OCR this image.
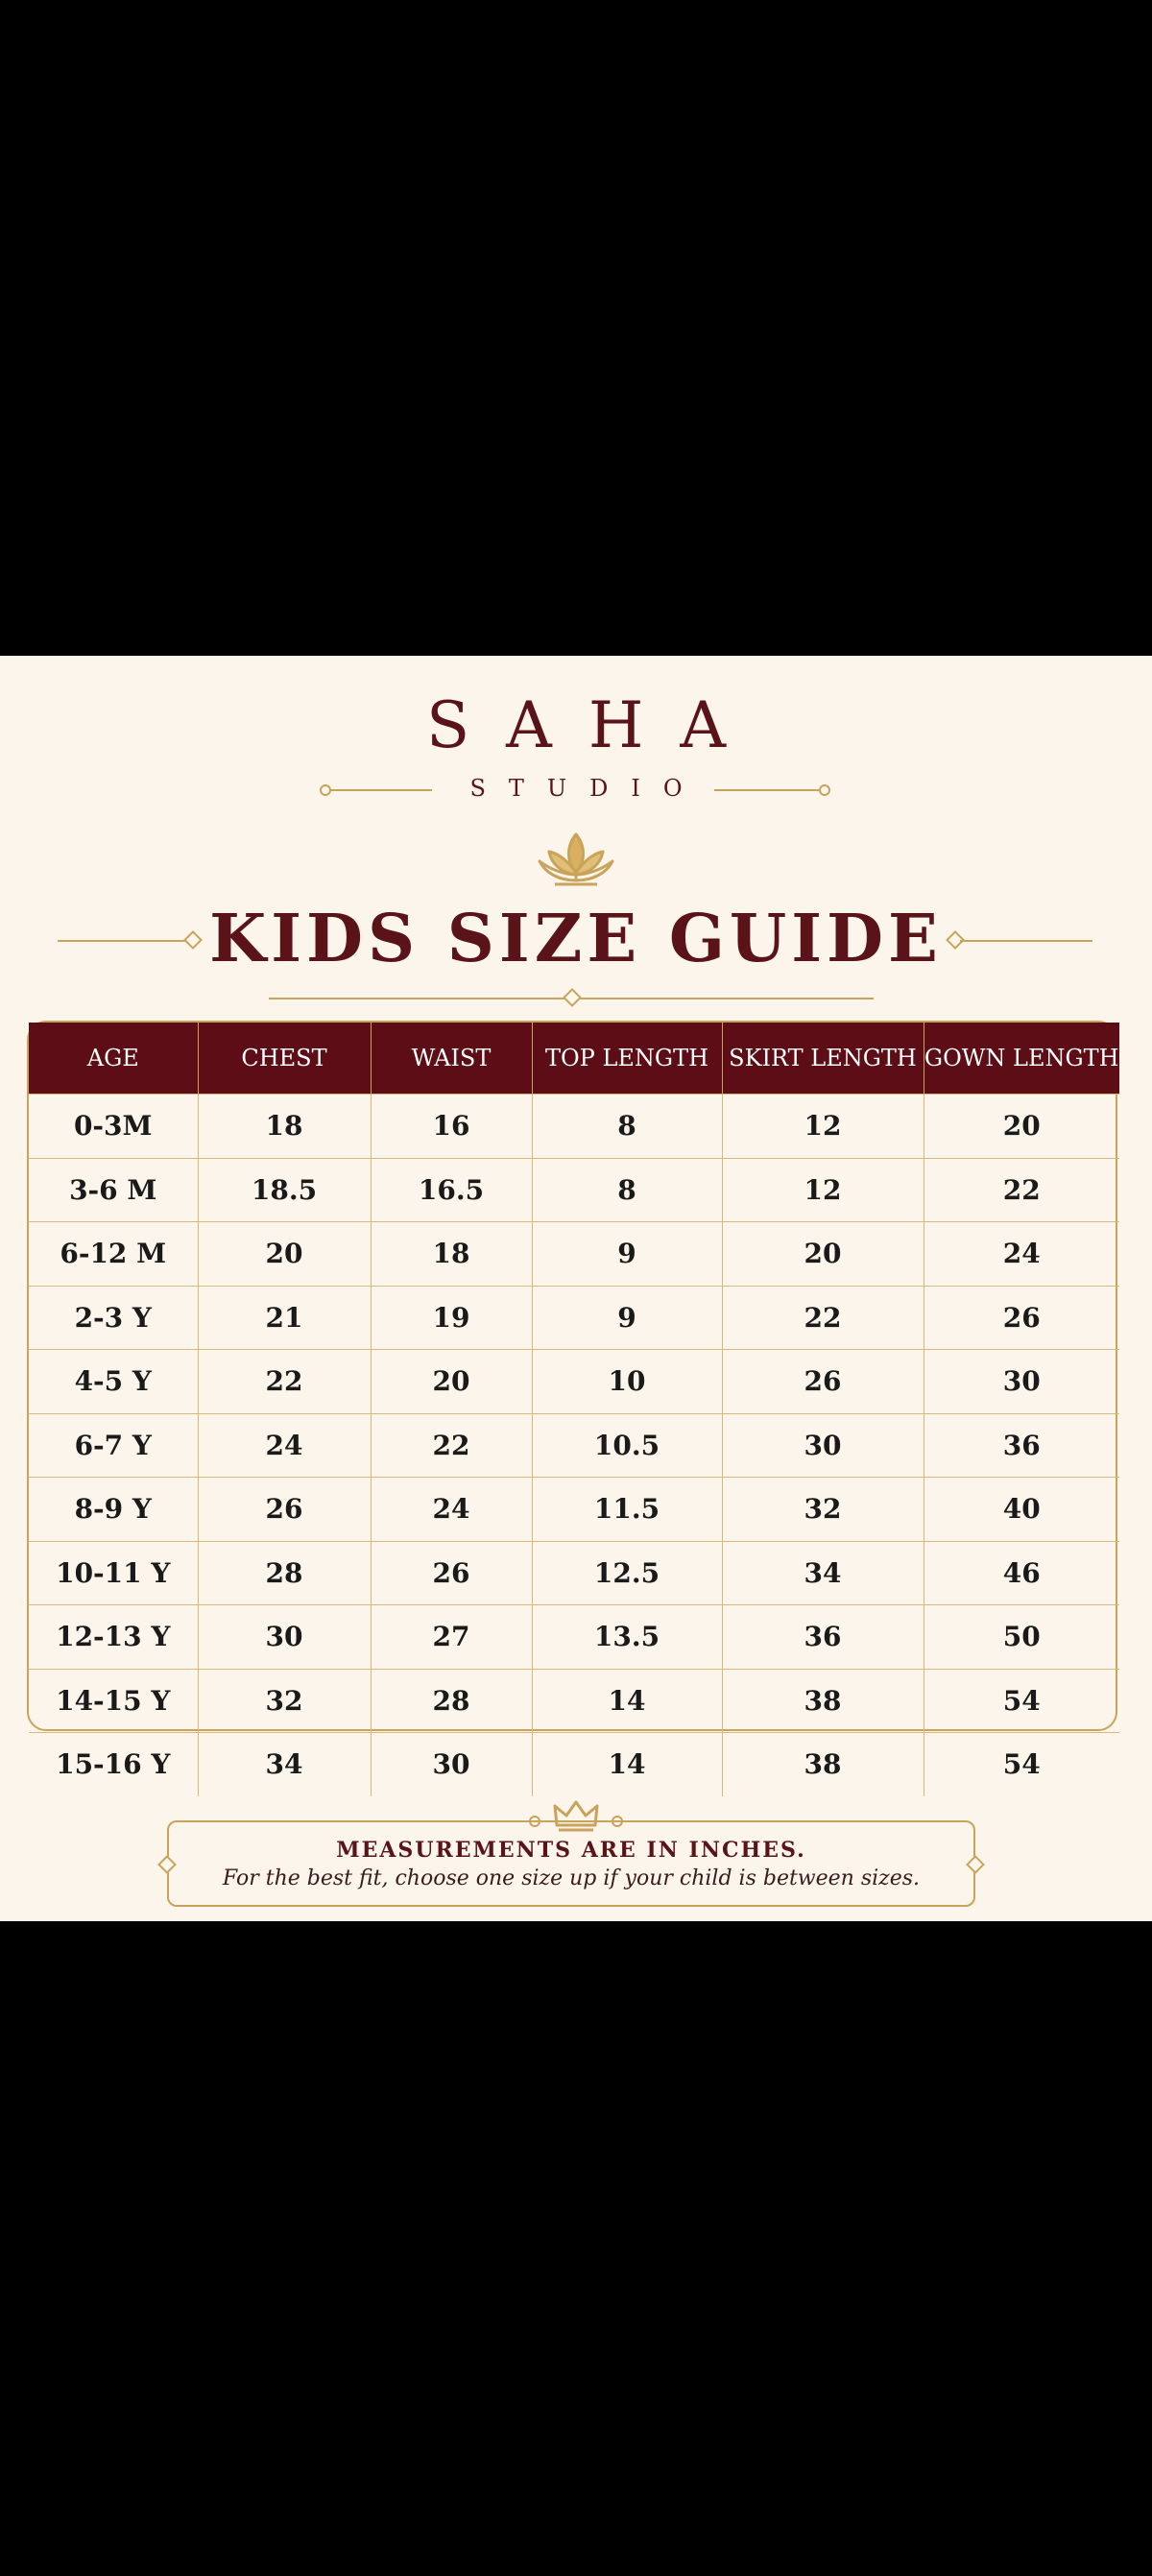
SAHA
STUDIO
KIDS SIZE GUIDE
AGE	CHEST	WAIST	TOP LENGTH	SKIRT LENGTH	GOWN LENGTH
0-3M	18	16	8	12	20
3-6 M	18.5	16.5	8	12	22
6-12 M	20	18	9	20	24
2-3 Y	21	19	9	22	26
4-5 Y	22	20	10	26	30
6-7 Y	24	22	10.5	30	36
8-9 Y	26	24	11.5	32	40
10-11 Y	28	26	12.5	34	46
12-13 Y	30	27	13.5	36	50
14-15 Y	32	28	14	38	54
15-16 Y	34	30	14	38	54
MEASUREMENTS ARE IN INCHES.
For the best fit, choose one size up if your child is between sizes.
